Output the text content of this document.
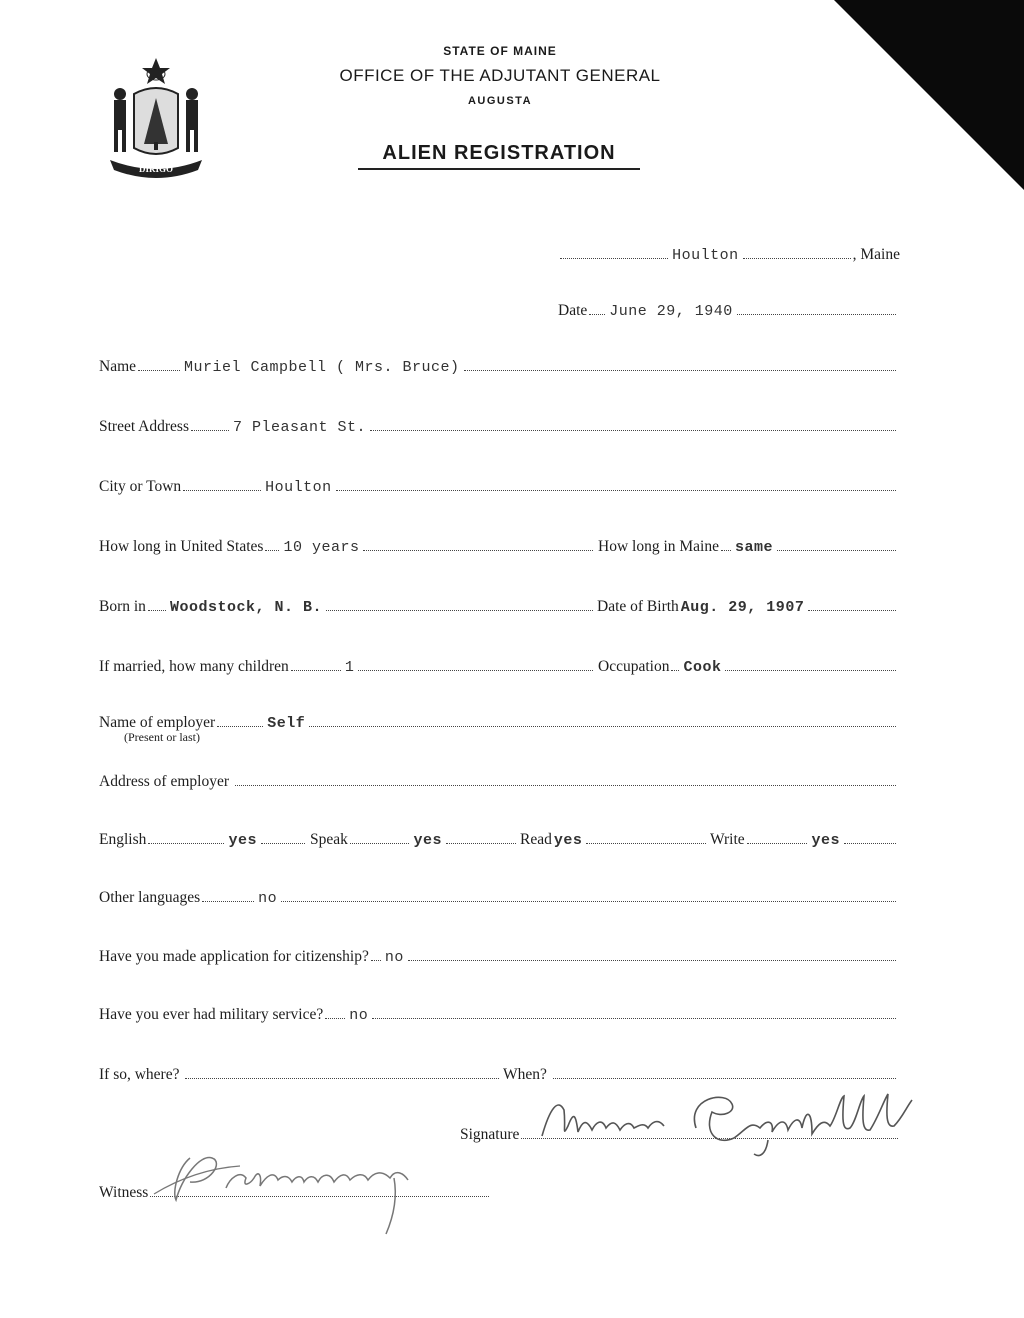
DIRIGO
STATE OF MAINE
OFFICE OF THE ADJUTANT GENERAL
AUGUSTA
ALIEN REGISTRATION
Houlton	, Maine
Date June 29, 1940
Name	Muriel Campbell ( Mrs. Bruce)
Street Address	7 Pleasant St.
City or Town	Houlton
How long in United States 10 years	How long in Maine same
Born in Woodstock, N. B.	Date of Birth Aug. 29, 1907
If married, how many children	1	Occupation Cook
Name of employer	Self
(Present or last)
Address of employer
English	yes	Speak	yes	Read yes	Write	yes
Other languages	no
Have you made application for citizenship? no
Have you ever had military service? no
If so, where?	When?
Signature
Witness
